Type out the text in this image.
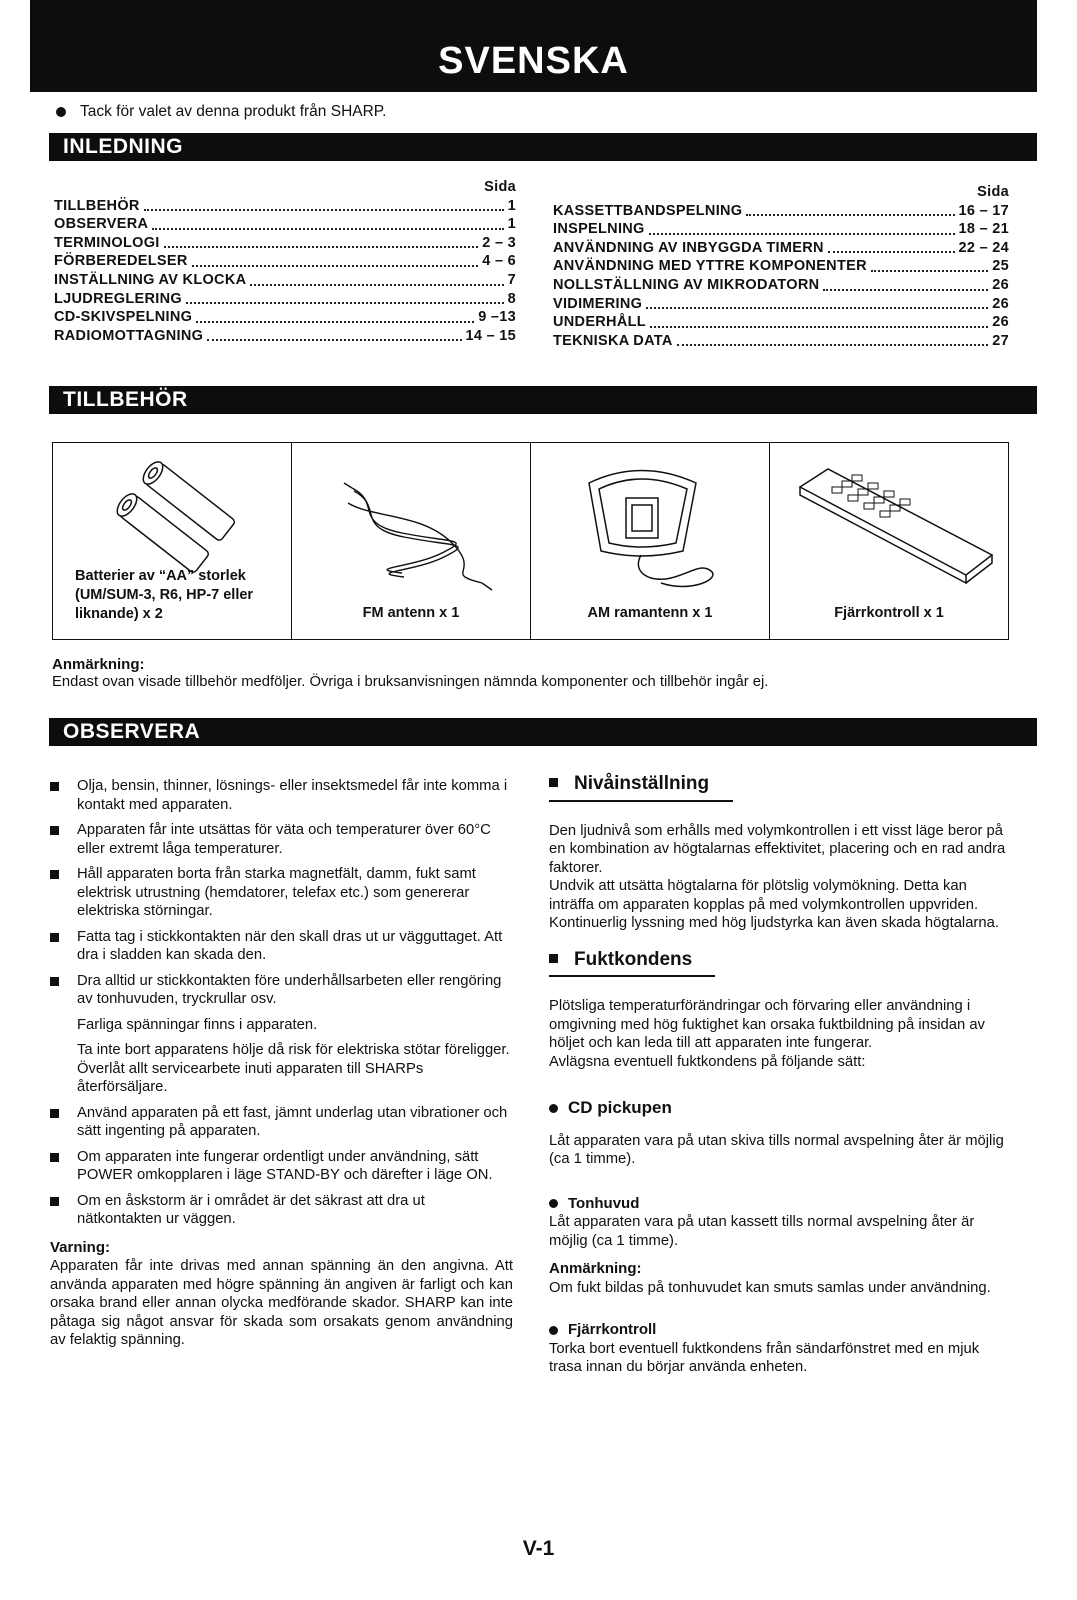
SVENSKA
Tack för valet av denna produkt från SHARP.
INLEDNING
Sida
TILLBEHÖR	1
OBSERVERA	1
TERMINOLOGI	2 – 3
FÖRBEREDELSER	4 – 6
INSTÄLLNING AV KLOCKA	7
LJUDREGLERING	8
CD-SKIVSPELNING	9 –13
RADIOMOTTAGNING	14 – 15
Sida
KASSETTBANDSPELNING	16 – 17
INSPELNING	18 – 21
ANVÄNDNING AV INBYGGDA TIMERN	22 – 24
ANVÄNDNING MED YTTRE KOMPONENTER	25
NOLLSTÄLLNING AV MIKRODATORN	26
VIDIMERING	26
UNDERHÅLL	26
TEKNISKA DATA	27
TILLBEHÖR
Batterier av “AA” storlek
(UM/SUM-3, R6, HP-7 eller
liknande) x 2	FM antenn x 1	AM ramantenn x 1	Fjärrkontroll x 1
Anmärkning:
Endast ovan visade tillbehör medföljer. Övriga i bruksanvisningen nämnda komponenter och tillbehör ingår ej.
OBSERVERA
Olja, bensin, thinner, lösnings- eller insektsmedel får inte komma i kontakt med apparaten.
Apparaten får inte utsättas för väta och temperaturer över 60°C eller extremt låga temperaturer.
Håll apparaten borta från starka magnetfält, damm, fukt samt elektrisk utrustning (hemdatorer, telefax etc.) som genererar elektriska störningar.
Fatta tag i stickkontakten när den skall dras ut ur vägguttaget. Att dra i sladden kan skada den.
Dra alltid ur stickkontakten före underhållsarbeten eller rengöring av tonhuvuden, tryckrullar osv.
Farliga spänningar finns i apparaten.
Ta inte bort apparatens hölje då risk för elektriska stötar föreligger.
Överlåt allt servicearbete inuti apparaten till SHARPs återförsäljare.
Använd apparaten på ett fast, jämnt underlag utan vibrationer och sätt ingenting på apparaten.
Om apparaten inte fungerar ordentligt under användning, sätt POWER omkopplaren i läge STAND-BY och därefter i läge ON.
Om en åskstorm är i området är det säkrast att dra ut nätkontakten ur väggen.
Varning:
Apparaten får inte drivas med annan spänning än den angivna. Att använda apparaten med högre spänning än angiven är farligt och kan orsaka brand eller annan olycka medförande skador. SHARP kan inte påtaga sig något ansvar för skada som orsakats genom användning av felaktig spänning.
Nivåinställning
Den ljudnivå som erhålls med volymkontrollen i ett visst läge beror på en kombination av högtalarnas effektivitet, placering och en rad andra faktorer.
Undvik att utsätta högtalarna för plötslig volymökning. Detta kan inträffa om apparaten kopplas på med volymkontrollen uppvriden. Kontinuerlig lyssning med hög ljudstyrka kan även skada högtalarna.
Fuktkondens
Plötsliga temperaturförändringar och förvaring eller användning i omgivning med hög fuktighet kan orsaka fuktbildning på insidan av höljet och kan leda till att apparaten inte fungerar.
Avlägsna eventuell fuktkondens på följande sätt:
CD pickupen
Låt apparaten vara på utan skiva tills normal avspelning åter är möjlig (ca 1 timme).
Tonhuvud
Låt apparaten vara på utan kassett tills normal avspelning åter är möjlig (ca 1 timme).
Anmärkning:
Om fukt bildas på tonhuvudet kan smuts samlas under användning.
Fjärrkontroll
Torka bort eventuell fuktkondens från sändarfönstret med en mjuk trasa innan du börjar använda enheten.
V-1
